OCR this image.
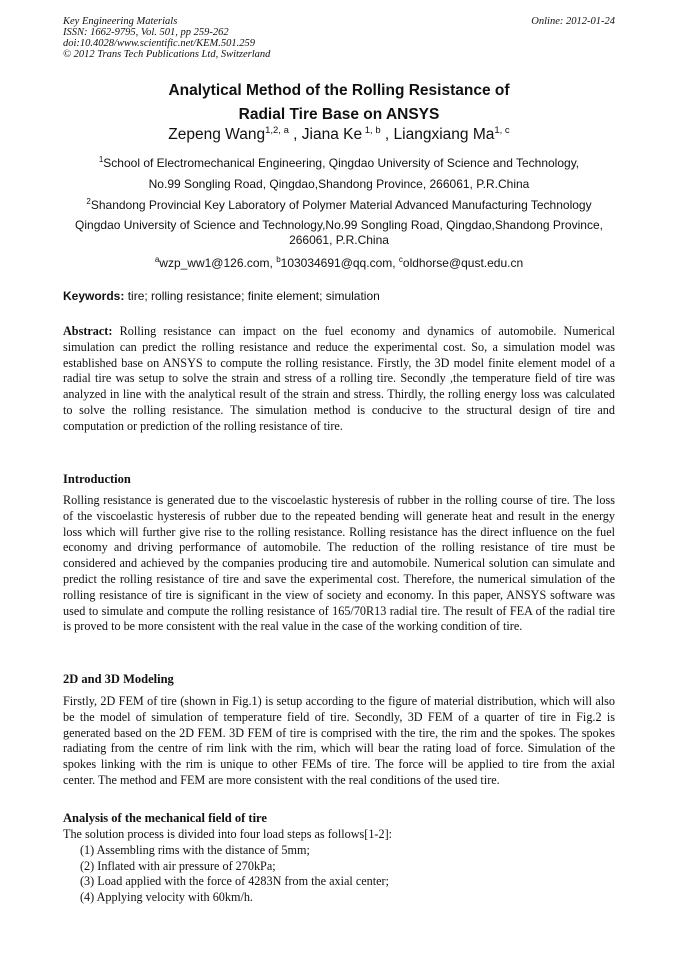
Key Engineering Materials
ISSN: 1662-9795, Vol. 501, pp 259-262
doi:10.4028/www.scientific.net/KEM.501.259
© 2012 Trans Tech Publications Ltd, Switzerland
Online: 2012-01-24
Analytical Method of the Rolling Resistance of
Radial Tire Base on ANSYS
Zepeng Wang$^{1,2, a}$ , Jiana Ke $^{1, b}$ , Liangxiang Ma$^{1, c}$
$^1$School of Electromechanical Engineering, Qingdao University of Science and Technology,
No.99 Songling Road, Qingdao,Shandong Province, 266061, P.R.China
$^2$Shandong Provincial Key Laboratory of Polymer Material Advanced Manufacturing Technology
Qingdao University of Science and Technology,No.99 Songling Road, Qingdao,Shandong Province, 266061, P.R.China
$^a$wzp_ww1@126.com, $^b$103034691@qq.com, $^c$oldhorse@qust.edu.cn
Keywords: tire; rolling resistance; finite element; simulation
Abstract: Rolling resistance can impact on the fuel economy and dynamics of automobile. Numerical simulation can predict the rolling resistance and reduce the experimental cost. So, a simulation model was established base on ANSYS to compute the rolling resistance. Firstly, the 3D model finite element model of a radial tire was setup to solve the strain and stress of a rolling tire. Secondly ,the temperature field of tire was analyzed in line with the analytical result of the strain and stress. Thirdly, the rolling energy loss was calculated to solve the rolling resistance. The simulation method is conducive to the structural design of tire and computation or prediction of the rolling resistance of tire.
Introduction
Rolling resistance is generated due to the viscoelastic hysteresis of rubber in the rolling course of tire. The loss of the viscoelastic hysteresis of rubber due to the repeated bending will generate heat and result in the energy loss which will further give rise to the rolling resistance. Rolling resistance has the direct influence on the fuel economy and driving performance of automobile. The reduction of the rolling resistance of tire must be considered and achieved by the companies producing tire and automobile. Numerical solution can simulate and predict the rolling resistance of tire and save the experimental cost. Therefore, the numerical simulation of the rolling resistance of tire is significant in the view of society and economy. In this paper, ANSYS software was used to simulate and compute the rolling resistance of 165/70R13 radial tire. The result of FEA of the radial tire is proved to be more consistent with the real value in the case of the working condition of tire.
2D and 3D Modeling
Firstly, 2D FEM of tire (shown in Fig.1) is setup according to the figure of material distribution, which will also be the model of simulation of temperature field of tire. Secondly, 3D FEM of a quarter of tire in Fig.2 is generated based on the 2D FEM. 3D FEM of tire is comprised with the tire, the rim and the spokes. The spokes radiating from the centre of rim link with the rim, which will bear the rating load of force. Simulation of the spokes linking with the rim is unique to other FEMs of tire. The force will be applied to tire from the axial center. The method and FEM are more consistent with the real conditions of the used tire.
Analysis of the mechanical field of tire
The solution process is divided into four load steps as follows[1-2]:
(1) Assembling rims with the distance of 5mm;
(2) Inflated with air pressure of 270kPa;
(3) Load applied with the force of 4283N from the axial center;
(4) Applying velocity with 60km/h.
